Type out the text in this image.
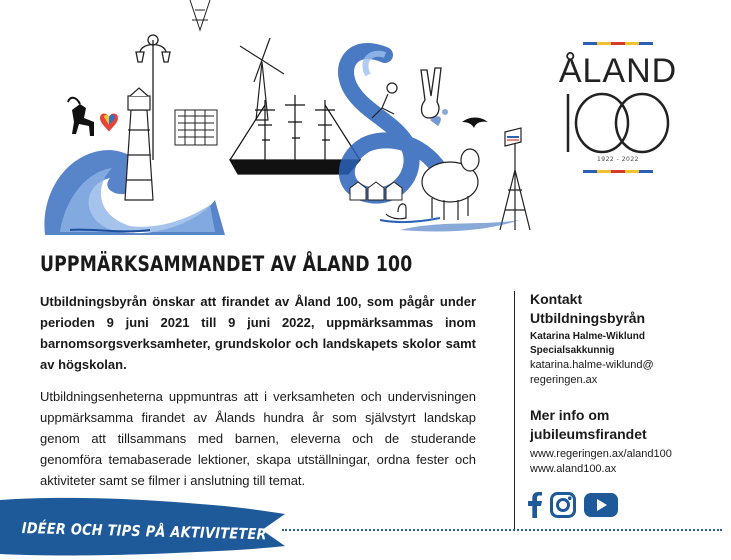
ÅLAND
1922 - 2022
UPPMÄRKSAMMANDET AV ÅLAND 100

Utbildningsbyrån önskar att firandet av Åland 100, som pågår under perioden 9 juni 2021 till 9 juni 2022, uppmärksammas inom barnomsorgsverksamheter, grundskolor och landskapets skolor samt av högskolan.

Utbildningsenheterna uppmuntras att i verksamheten och undervisningen uppmärksamma firandet av Ålands hundra år som självstyrt landskap genom att tillsammans med barnen, eleverna och de studerande genomföra temabaserade lektioner, skapa utställningar, ordna fester och aktiviteter samt se filmer i anslutning till temat.

Kontakt

Utbildningsbyrån

Katarina Halme-Wiklund

Specialsakkunnig

katarina.halme-wiklund@

regeringen.ax

Mer info om

jubileumsfirandet

www.regeringen.ax/aland100
www.aland100.ax

IDÉER OCH TIPS PÅ AKTIVITETER
